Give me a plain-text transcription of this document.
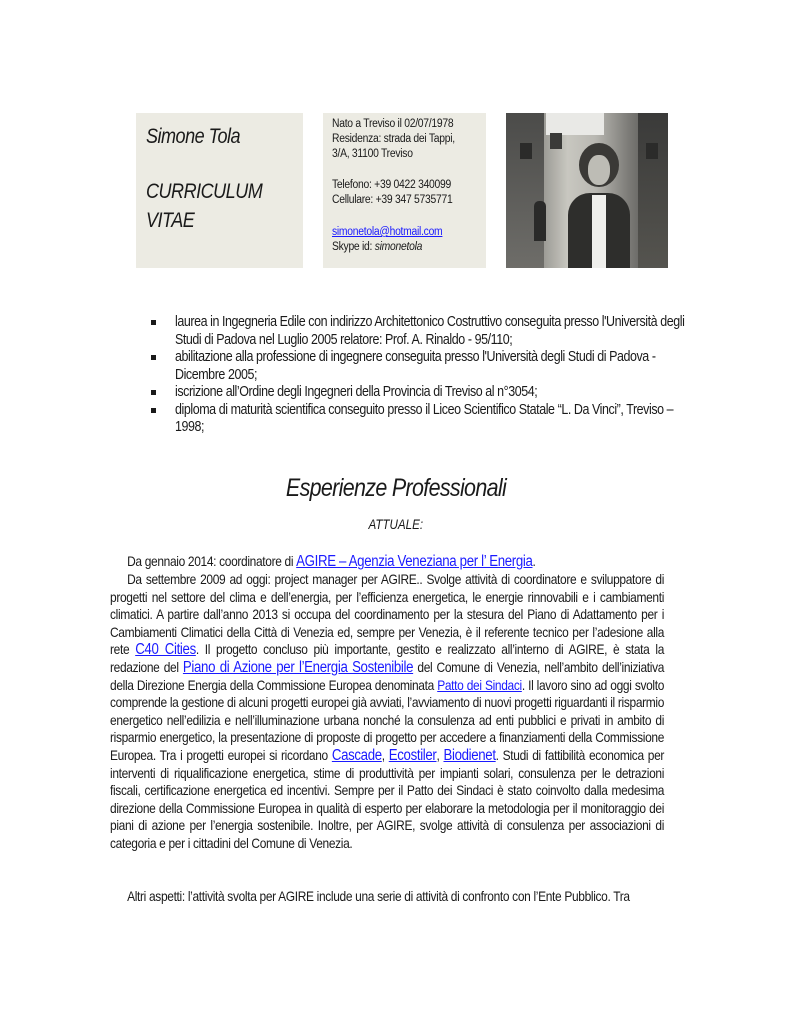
Simone Tola
CURRICULUM
VITAE
Nato a Treviso il 02/07/1978
Residenza: strada dei Tappi,
3/A, 31100 Treviso
Telefono: +39 0422 340099
Cellulare: +39 347 5735771
simonetola@hotmail.com
Skype id: simonetola
laurea in Ingegneria Edile con indirizzo Architettonico Costruttivo conseguita presso l'Università degli Studi di Padova nel Luglio 2005 relatore: Prof. A. Rinaldo - 95/110;
abilitazione alla professione di ingegnere conseguita presso l'Università degli Studi di Padova - Dicembre 2005;
iscrizione all’Ordine degli Ingegneri della Provincia di Treviso al n°3054;
diploma di maturità scientifica conseguito presso il Liceo Scientifico Statale “L. Da Vinci”, Treviso – 1998;
Esperienze Professionali
ATTUALE:
Da gennaio 2014: coordinatore di AGIRE – Agenzia Veneziana per l’ Energia.
Da settembre 2009 ad oggi: project manager per AGIRE.. Svolge attività di coordinatore e sviluppatore di progetti nel settore del clima e dell’energia, per l’efficienza energetica, le energie rinnovabili e i cambiamenti climatici. A partire dall’anno 2013 si occupa del coordinamento per la stesura del Piano di Adattamento per i Cambiamenti Climatici della Città di Venezia ed, sempre per Venezia, è il referente tecnico per l’adesione alla rete C40 Cities. Il progetto concluso più importante, gestito e realizzato all’interno di AGIRE, è stata la redazione del Piano di Azione per l’Energia Sostenibile del Comune di Venezia, nell’ambito dell’iniziativa della Direzione Energia della Commissione Europea denominata Patto dei Sindaci. Il lavoro sino ad oggi svolto comprende la gestione di alcuni progetti europei già avviati, l’avviamento di nuovi progetti riguardanti il risparmio energetico nell’edilizia e nell’illuminazione urbana nonché la consulenza ad enti pubblici e privati in ambito di risparmio energetico, la presentazione di proposte di progetto per accedere a finanziamenti della Commissione Europea. Tra i progetti europei si ricordano Cascade, Ecostiler, Biodienet. Studi di fattibilità economica per interventi di riqualificazione energetica, stime di produttività per impianti solari, consulenza per le detrazioni fiscali, certificazione energetica ed incentivi. Sempre per il Patto dei Sindaci è stato coinvolto dalla medesima direzione della Commissione Europea in qualità di esperto per elaborare la metodologia per il monitoraggio dei piani di azione per l’energia sostenibile. Inoltre, per AGIRE, svolge attività di consulenza per associazioni di categoria e per i cittadini del Comune di Venezia.
Altri aspetti: l’attività svolta per AGIRE include una serie di attività di confronto con l’Ente Pubblico. Tra
